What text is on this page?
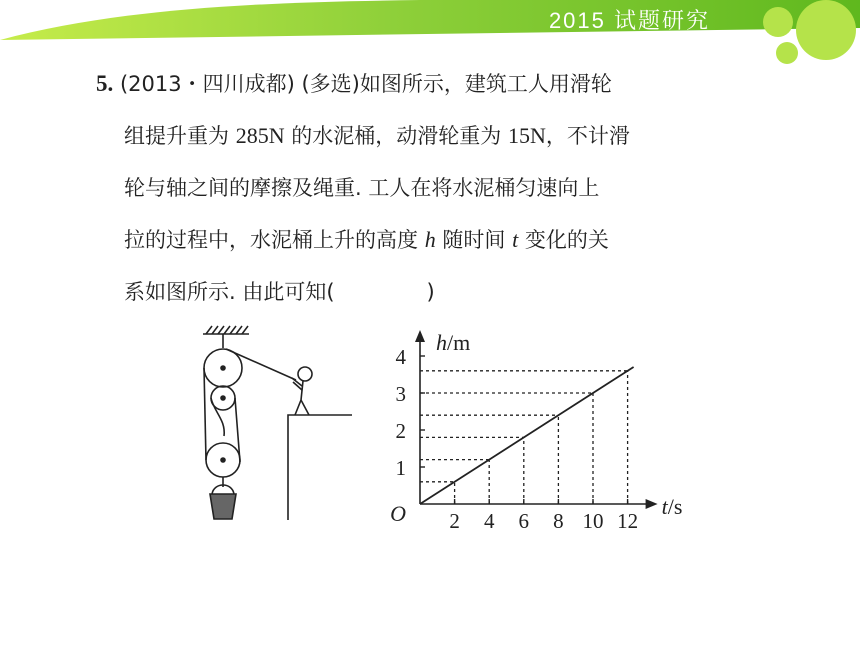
2015 试题研究

5. (2013・四川成都) (多选)如图所示，建筑工人用滑轮

组提升重为 285N 的水泥桶，动滑轮重为 15N，不计滑

轮与轴之间的摩擦及绳重. 工人在将水泥桶匀速向上

拉的过程中，水泥桶上升的高度 h 随时间 t 变化的关

系如图所示. 由此可知(	)

2 4 6 8 10 12
1
2
3
4
O
h/m
t/s
